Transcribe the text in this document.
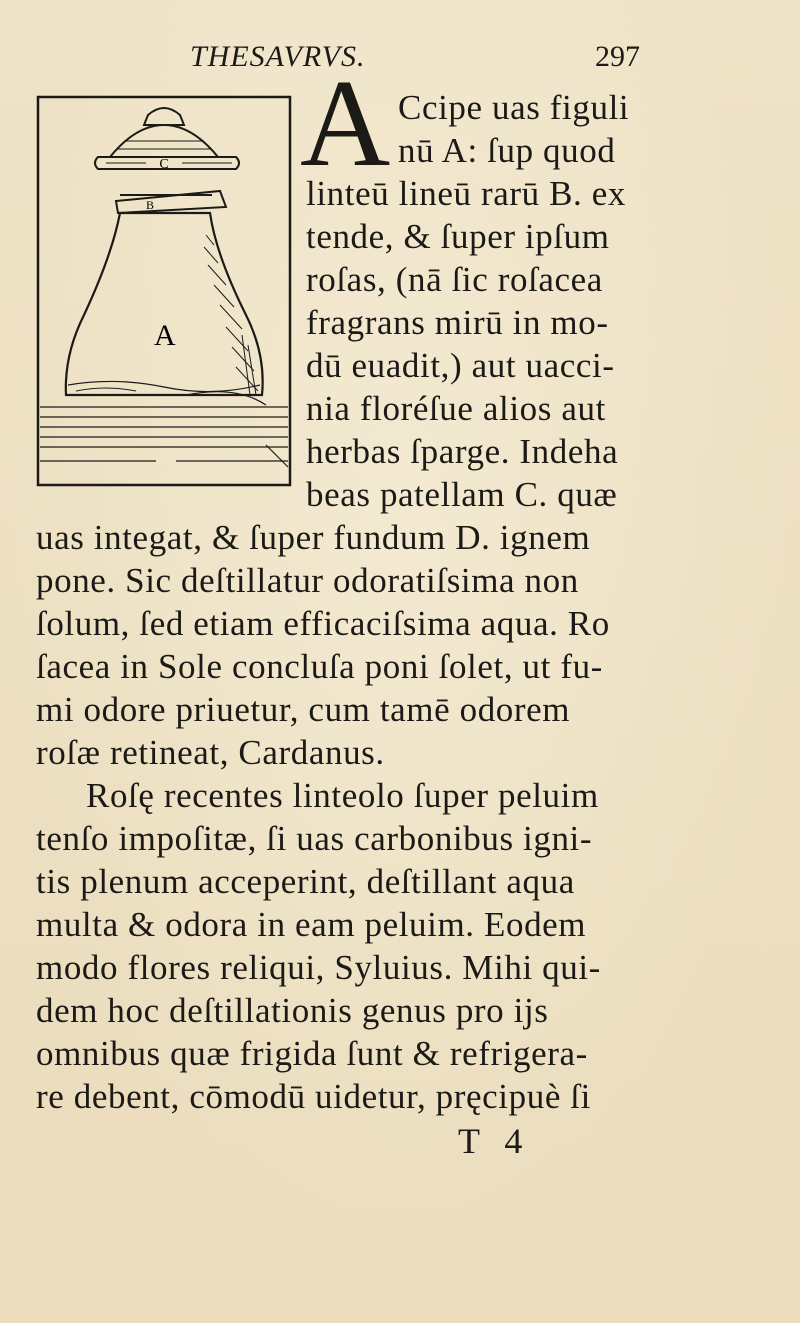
THESAVRVS.	297
C
B
A
A Ccipe uas figuli
nū A: ſup quod
linteū lineū rarū B. ex
tende, & ſuper ipſum
roſas, (nā ſic roſacea
fragrans mirū in mo-
dū euadit,) aut uacci-
nia floréſue alios aut
herbas ſparge. Indeha
beas patellam C. quæ
uas integat, & ſuper fundum D. ignem
pone. Sic deſtillatur odoratiſsima non
ſolum, ſed etiam efficaciſsima aqua. Ro
ſacea in Sole concluſa poni ſolet, ut fu-
mi odore priuetur, cum tamē odorem
roſæ retineat, Cardanus.
Roſę recentes linteolo ſuper peluim
tenſo impoſitæ, ſi uas carbonibus igni-
tis plenum acceperint, deſtillant aqua
multa & odora in eam peluim. Eodem
modo flores reliqui, Syluius. Mihi qui-
dem hoc deſtillationis genus pro ijs
omnibus quæ frigida ſunt & refrigera-
re debent, cōmodū uidetur, pręcipuè ſi
T 4
